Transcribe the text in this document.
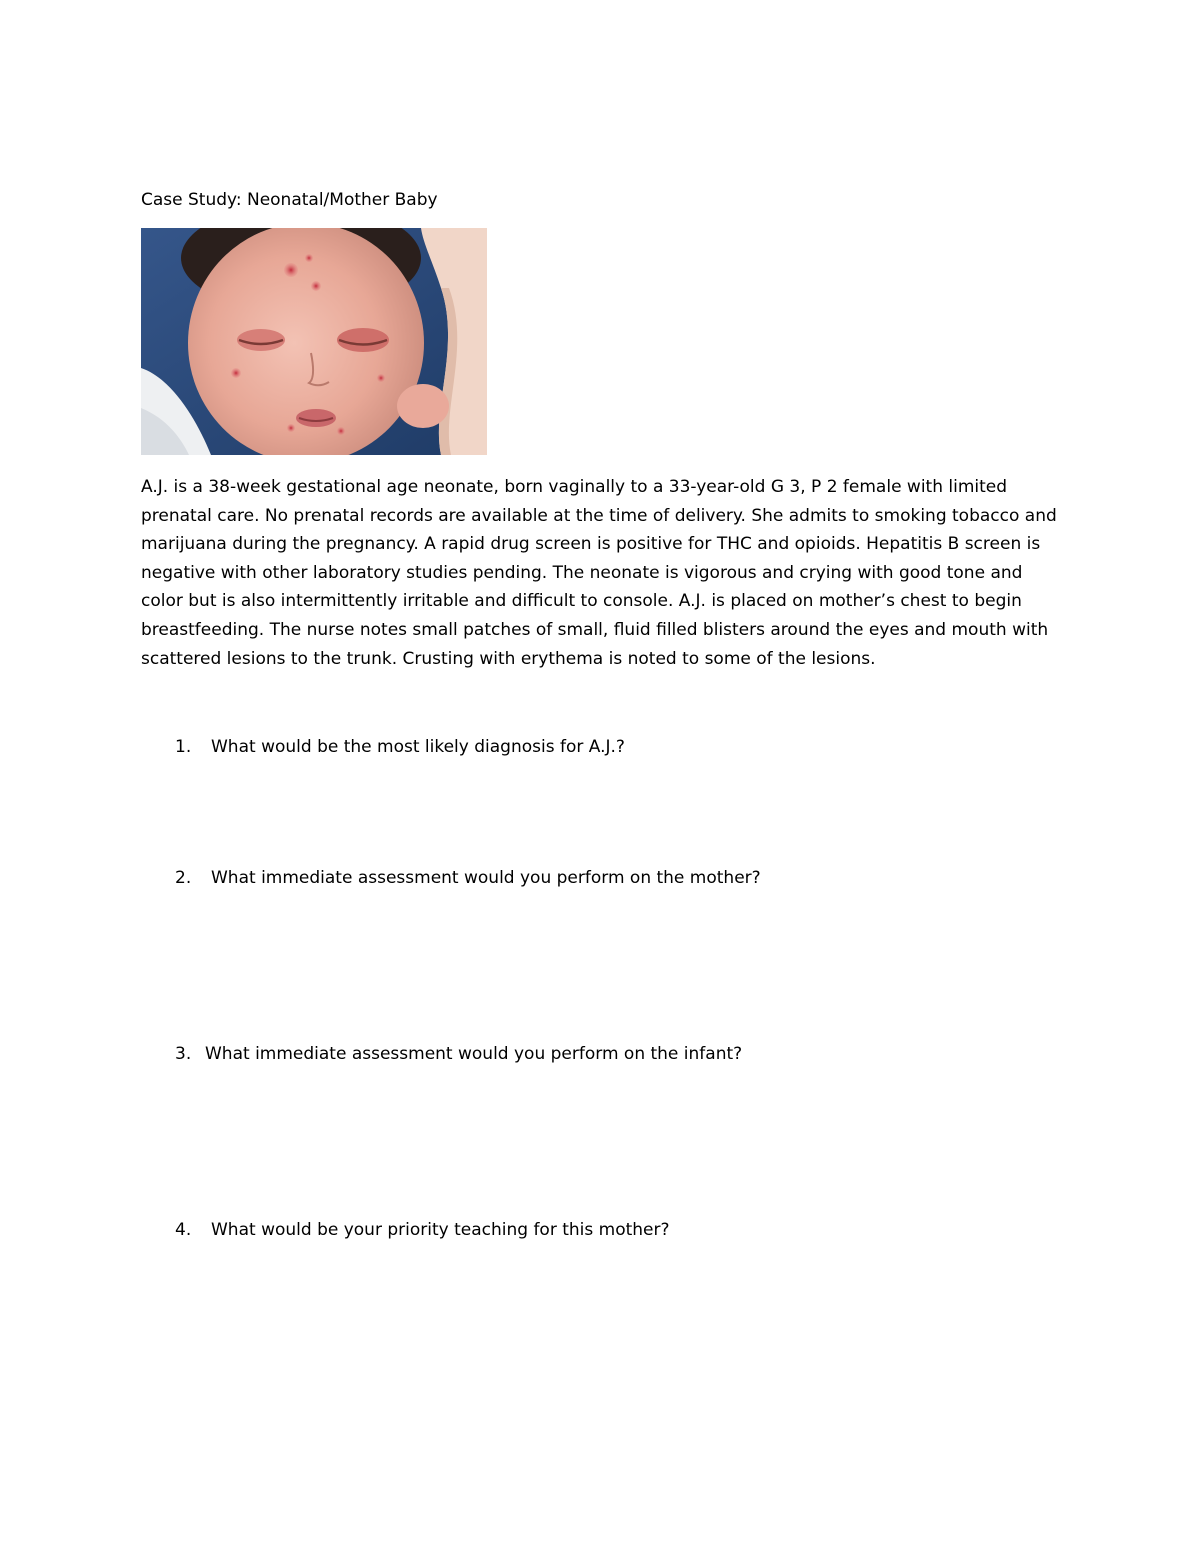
Case Study: Neonatal/Mother Baby

A.J. is a 38-week gestational age neonate, born vaginally to a 33-year-old G 3, P 2 female with limited prenatal care. No prenatal records are available at the time of delivery. She admits to smoking tobacco and marijuana during the pregnancy. A rapid drug screen is positive for THC and opioids. Hepatitis B screen is negative with other laboratory studies pending. The neonate is vigorous and crying with good tone and color but is also intermittently irritable and difficult to console. A.J. is placed on mother’s chest to begin breastfeeding. The nurse notes small patches of small, fluid filled blisters around the eyes and mouth with scattered lesions to the trunk. Crusting with erythema is noted to some of the lesions.

1. What would be the most likely diagnosis for A.J.?
2. What immediate assessment would you perform on the mother?
3. What immediate assessment would you perform on the infant?
4. What would be your priority teaching for this mother?
